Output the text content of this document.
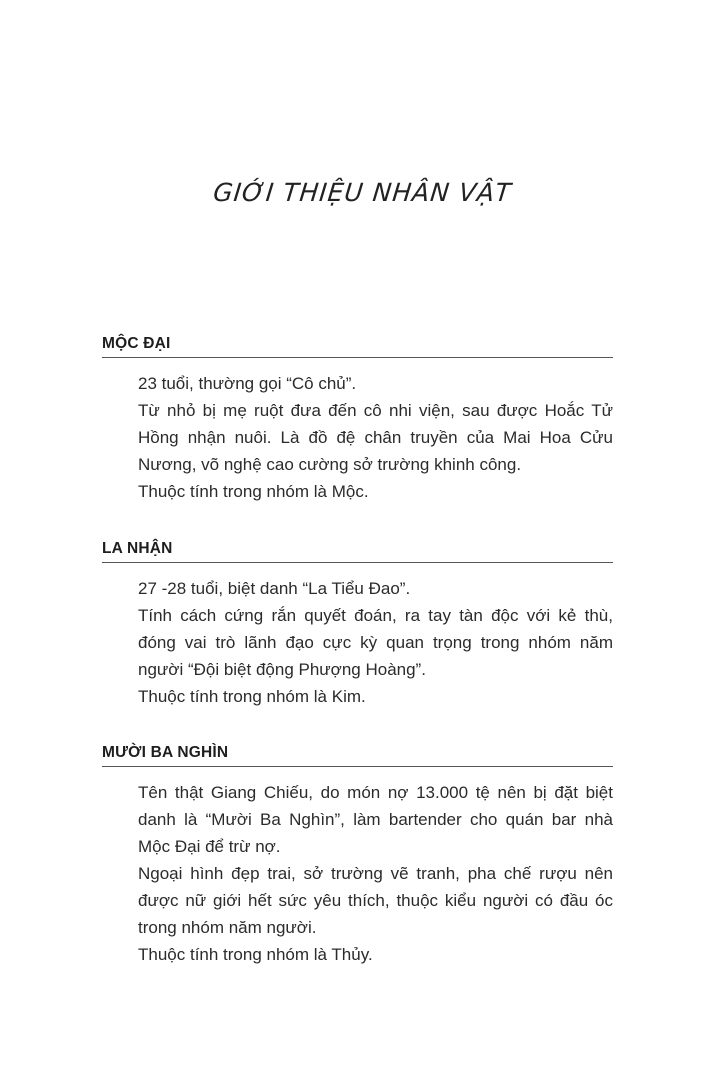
GIỚI THIỆU NHÂN VẬT
MỘC ĐẠI

23 tuổi, thường gọi “Cô chủ”.

Từ nhỏ bị mẹ ruột đưa đến cô nhi viện, sau được Hoắc Tử Hồng nhận nuôi. Là đồ đệ chân truyền của Mai Hoa Cửu Nương, võ nghệ cao cường sở trường khinh công.

Thuộc tính trong nhóm là Mộc.

LA NHẬN

27 -28 tuổi, biệt danh “La Tiểu Đao”.

Tính cách cứng rắn quyết đoán, ra tay tàn độc với kẻ thù, đóng vai trò lãnh đạo cực kỳ quan trọng trong nhóm năm người “Đội biệt động Phượng Hoàng”.

Thuộc tính trong nhóm là Kim.

MƯỜI BA NGHÌN

Tên thật Giang Chiếu, do món nợ 13.000 tệ nên bị đặt biệt danh là “Mười Ba Nghìn”, làm bartender cho quán bar nhà Mộc Đại để trừ nợ.

Ngoại hình đẹp trai, sở trường vẽ tranh, pha chế rượu nên được nữ giới hết sức yêu thích, thuộc kiểu người có đầu óc trong nhóm năm người.

Thuộc tính trong nhóm là Thủy.
